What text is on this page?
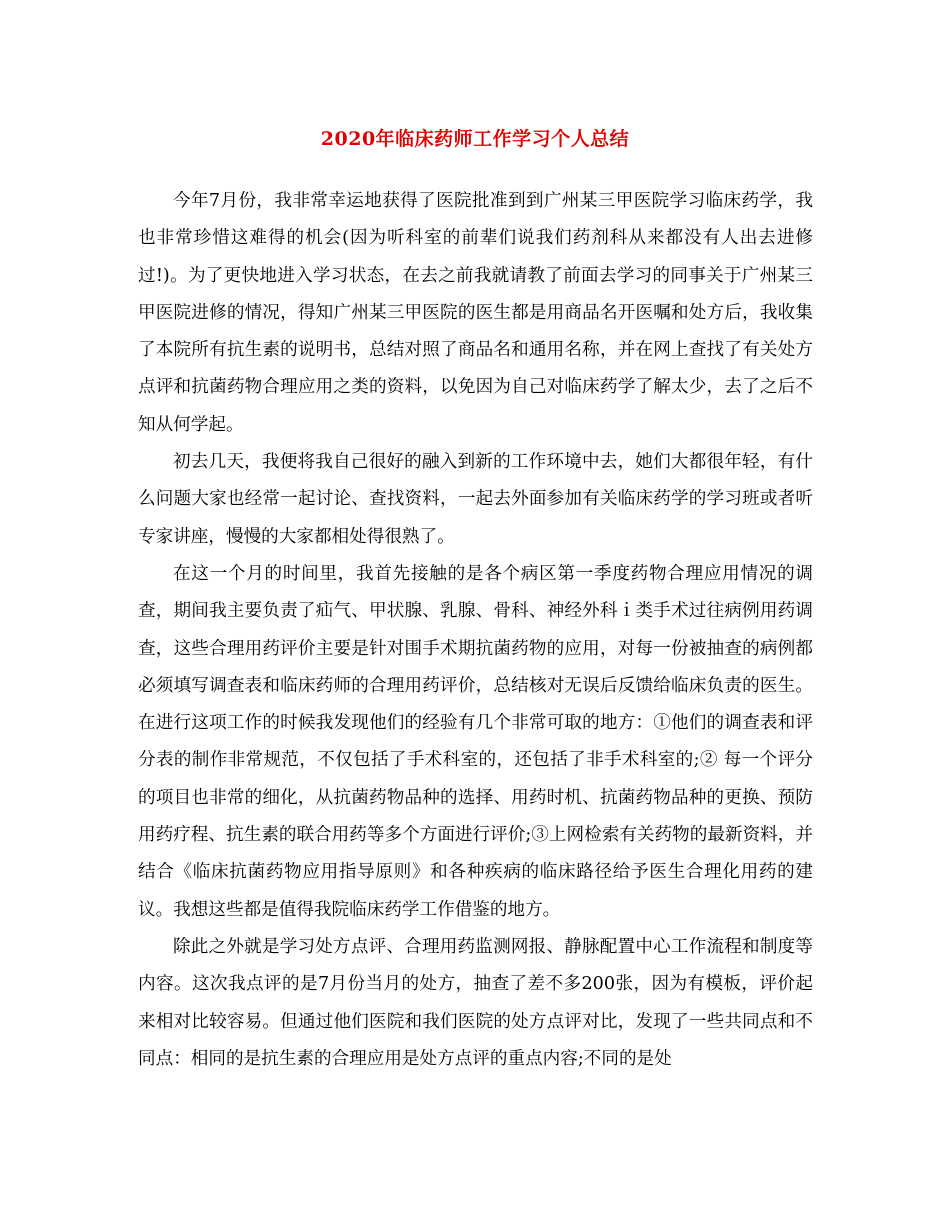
2020年临床药师工作学习个人总结

今年7月份，我非常幸运地获得了医院批准到到广州某三甲医院学习临床药学，我也非常珍惜这难得的机会(因为听科室的前辈们说我们药剂科从来都没有人出去进修过!)。为了更快地进入学习状态，在去之前我就请教了前面去学习的同事关于广州某三甲医院进修的情况，得知广州某三甲医院的医生都是用商品名开医嘱和处方后，我收集了本院所有抗生素的说明书，总结对照了商品名和通用名称，并在网上查找了有关处方点评和抗菌药物合理应用之类的资料，以免因为自己对临床药学了解太少，去了之后不知从何学起。

初去几天，我便将我自己很好的融入到新的工作环境中去，她们大都很年轻，有什么问题大家也经常一起讨论、查找资料，一起去外面参加有关临床药学的学习班或者听专家讲座，慢慢的大家都相处得很熟了。

在这一个月的时间里，我首先接触的是各个病区第一季度药物合理应用情况的调查，期间我主要负责了疝气、甲状腺、乳腺、骨科、神经外科ｉ类手术过往病例用药调查，这些合理用药评价主要是针对围手术期抗菌药物的应用，对每一份被抽查的病例都必须填写调查表和临床药师的合理用药评价，总结核对无误后反馈给临床负责的医生。在进行这项工作的时候我发现他们的经验有几个非常可取的地方：①他们的调查表和评分表的制作非常规范，不仅包括了手术科室的，还包括了非手术科室的;② 每一个评分的项目也非常的细化，从抗菌药物品种的选择、用药时机、抗菌药物品种的更换、预防用药疗程、抗生素的联合用药等多个方面进行评价;③上网检索有关药物的最新资料，并结合《临床抗菌药物应用指导原则》和各种疾病的临床路径给予医生合理化用药的建议。我想这些都是值得我院临床药学工作借鉴的地方。

除此之外就是学习处方点评、合理用药监测网报、静脉配置中心工作流程和制度等内容。这次我点评的是7月份当月的处方，抽查了差不多200张，因为有模板，评价起来相对比较容易。但通过他们医院和我们医院的处方点评对比，发现了一些共同点和不同点：相同的是抗生素的合理应用是处方点评的重点内容;不同的是处
